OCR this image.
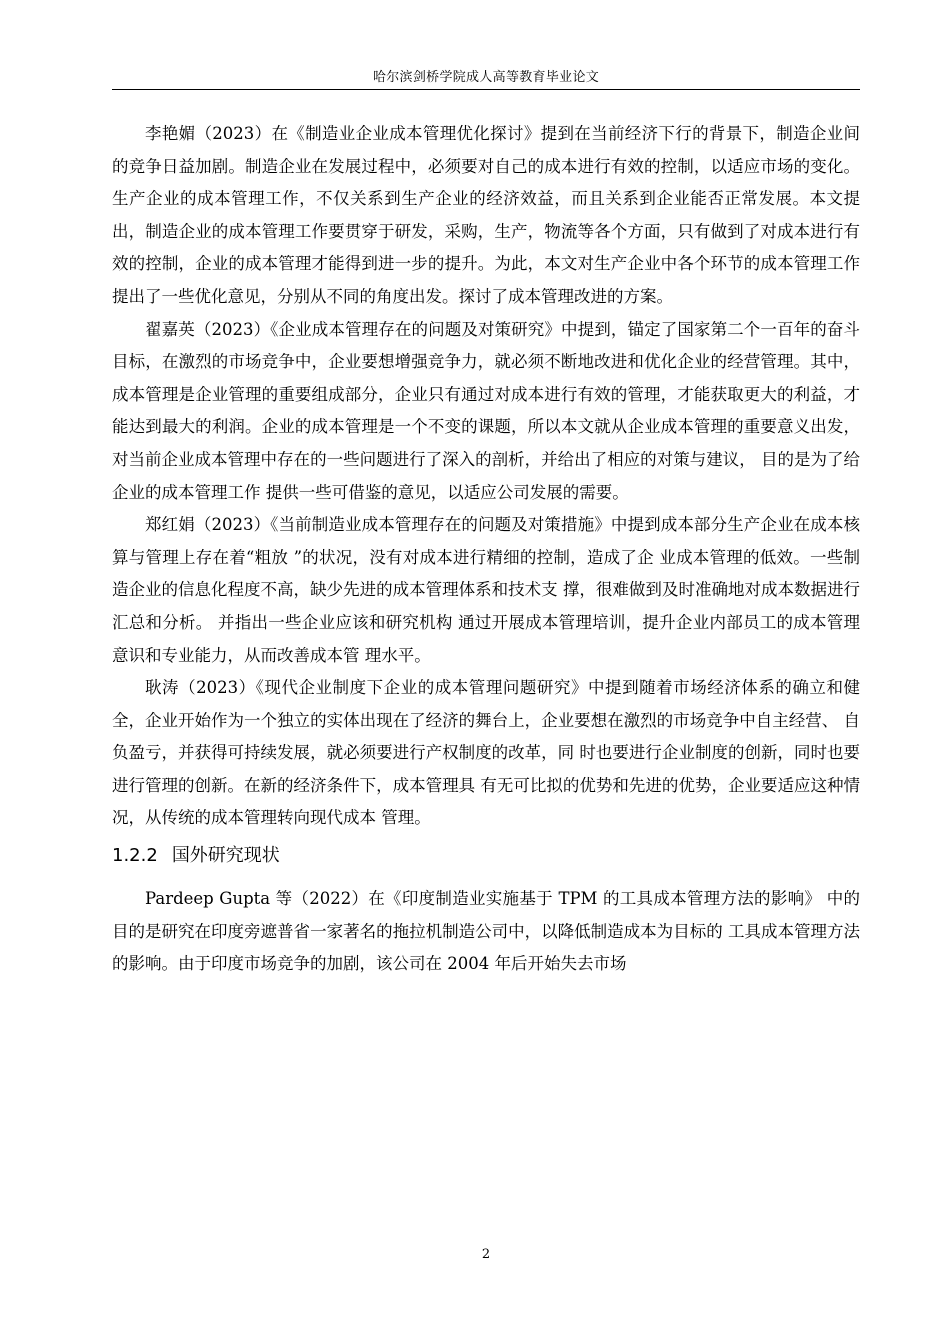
哈尔滨剑桥学院成人高等教育毕业论文

李艳媚（2023）在《制造业企业成本管理优化探讨》提到在当前经济下行的背景下，制造企业间的竞争日益加剧。制造企业在发展过程中，必须要对自己的成本进行有效的控制，以适应市场的变化。生产企业的成本管理工作，不仅关系到生产企业的经济效益，而且关系到企业能否正常发展。本文提出，制造企业的成本管理工作要贯穿于研发，采购，生产，物流等各个方面，只有做到了对成本进行有效的控制，企业的成本管理才能得到进一步的提升。为此，本文对生产企业中各个环节的成本管理工作提出了一些优化意见，分别从不同的角度出发。探讨了成本管理改进的方案。

翟嘉英（2023）《企业成本管理存在的问题及对策研究》中提到，锚定了国家第二个一百年的奋斗目标，在激烈的市场竞争中，企业要想增强竞争力，就必须不断地改进和优化企业的经营管理。其中，成本管理是企业管理的重要组成部分，企业只有通过对成本进行有效的管理，才能获取更大的利益，才能达到最大的利润。企业的成本管理是一个不变的课题，所以本文就从企业成本管理的重要意义出发，对当前企业成本管理中存在的一些问题进行了深入的剖析，并给出了相应的对策与建议， 目的是为了给企业的成本管理工作 提供一些可借鉴的意见，以适应公司发展的需要。

郑红娟（2023）《当前制造业成本管理存在的问题及对策措施》中提到成本部分生产企业在成本核算与管理上存在着“粗放 ”的状况，没有对成本进行精细的控制，造成了企 业成本管理的低效。一些制造企业的信息化程度不高，缺少先进的成本管理体系和技术支 撑，很难做到及时准确地对成本数据进行汇总和分析。 并指出一些企业应该和研究机构 通过开展成本管理培训，提升企业内部员工的成本管理意识和专业能力，从而改善成本管 理水平。

耿涛（2023）《现代企业制度下企业的成本管理问题研究》中提到随着市场经济体系的确立和健全，企业开始作为一个独立的实体出现在了经济的舞台上，企业要想在激烈的市场竞争中自主经营、 自负盈亏，并获得可持续发展，就必须要进行产权制度的改革，同 时也要进行企业制度的创新，同时也要进行管理的创新。在新的经济条件下，成本管理具 有无可比拟的优势和先进的优势，企业要适应这种情况，从传统的成本管理转向现代成本 管理。

1.2.2 国外研究现状

Pardeep Gupta 等（2022）在《印度制造业实施基于 TPM 的工具成本管理方法的影响》 中的目的是研究在印度旁遮普省一家著名的拖拉机制造公司中，以降低制造成本为目标的 工具成本管理方法的影响。由于印度市场竞争的加剧，该公司在 2004 年后开始失去市场

2
